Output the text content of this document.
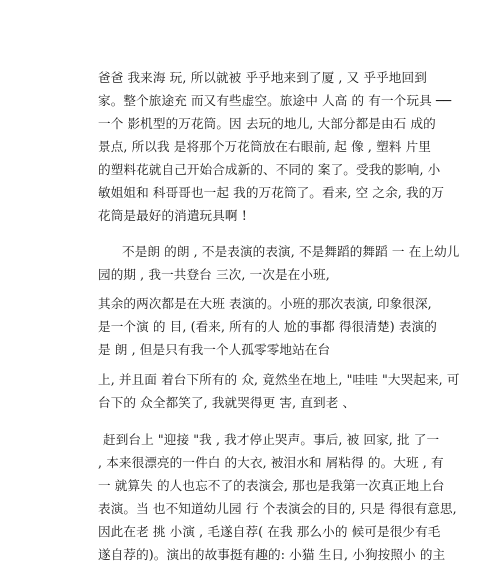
爸爸 我来海 玩, 所以就被 乎乎地来到了厦 , 又 乎乎地回到
家。整个旅途充 而又有些虚空。旅途中 人高 的 有一个玩具 ──
一个 影机型的万花筒。因 去玩的地儿, 大部分都是由石 成的
景点, 所以我 是将那个万花筒放在右眼前, 起 像 , 塑料 片里
的塑料花就自己开始合成新的、不同的 案了。受我的影响, 小
敏姐姐和 科哥哥也一起 我的万花筒了。看来, 空 之余, 我的万
花筒是最好的消遣玩具啊 !
不是朗 的朗 , 不是表演的表演, 不是舞蹈的舞蹈 一 在上幼儿
园的期 , 我一共登台 三次, 一次是在小班,
其余的两次都是在大班 表演的。小班的那次表演, 印象很深,
是一个演 的 目, (看来, 所有的人 尬的事都 得很清楚) 表演的
是 朗 , 但是只有我一个人孤零零地站在台
上, 并且面 着台下所有的 众, 竟然坐在地上, "哇哇 "大哭起来, 可
台下的 众全都笑了, 我就哭得更 害, 直到老 、
赶到台上 "迎接 "我 , 我才停止哭声。事后, 被 回家, 批 了一
, 本来很漂亮的一件白 的大衣, 被泪水和 屑粘得 的。大班 , 有
一 就算失 的人也忘不了的表演会, 那也是我第一次真正地上台
表演。当 也不知道幼儿园 行 个表演会的目的, 只是 得很有意思,
因此在老 挑 小演 , 毛遂自荐( 在我 那么小的 候可是很少有毛
遂自荐的)。演出的故事挺有趣的: 小猫 生日, 小狗按照小 的主
